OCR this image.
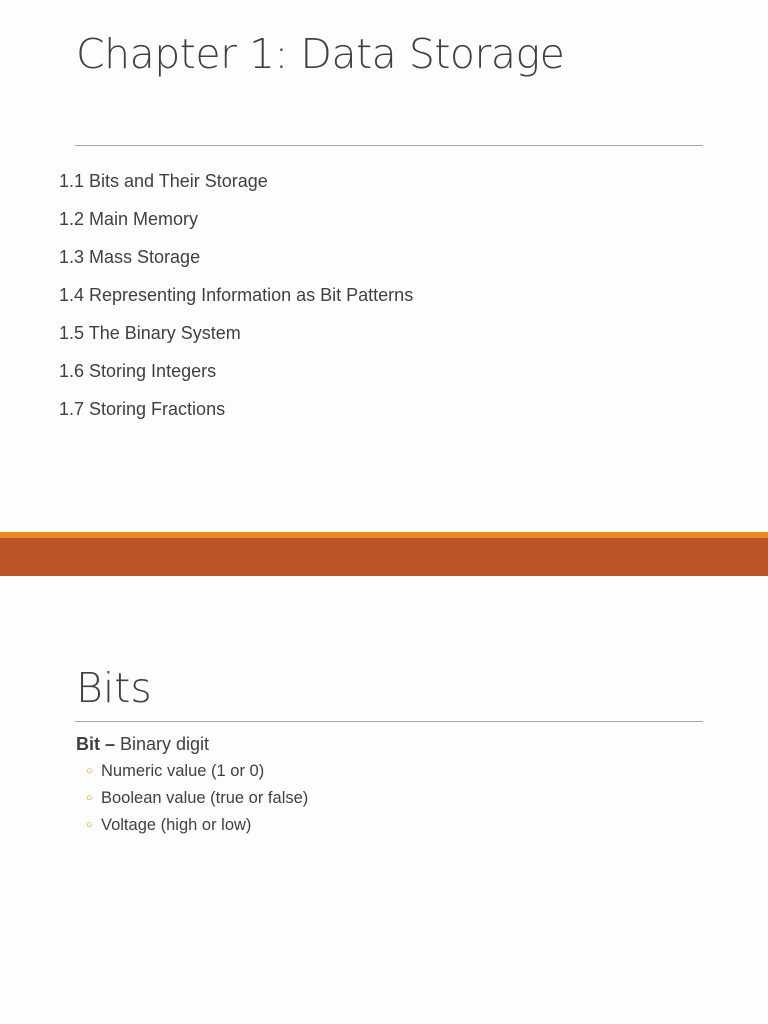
Chapter 1: Data Storage
1.1 Bits and Their Storage
1.2 Main Memory
1.3 Mass Storage
1.4 Representing Information as Bit Patterns
1.5 The Binary System
1.6 Storing Integers
1.7 Storing Fractions
Bits
Bit – Binary digit
○ Numeric value (1 or 0)
○ Boolean value (true or false)
○ Voltage (high or low)
